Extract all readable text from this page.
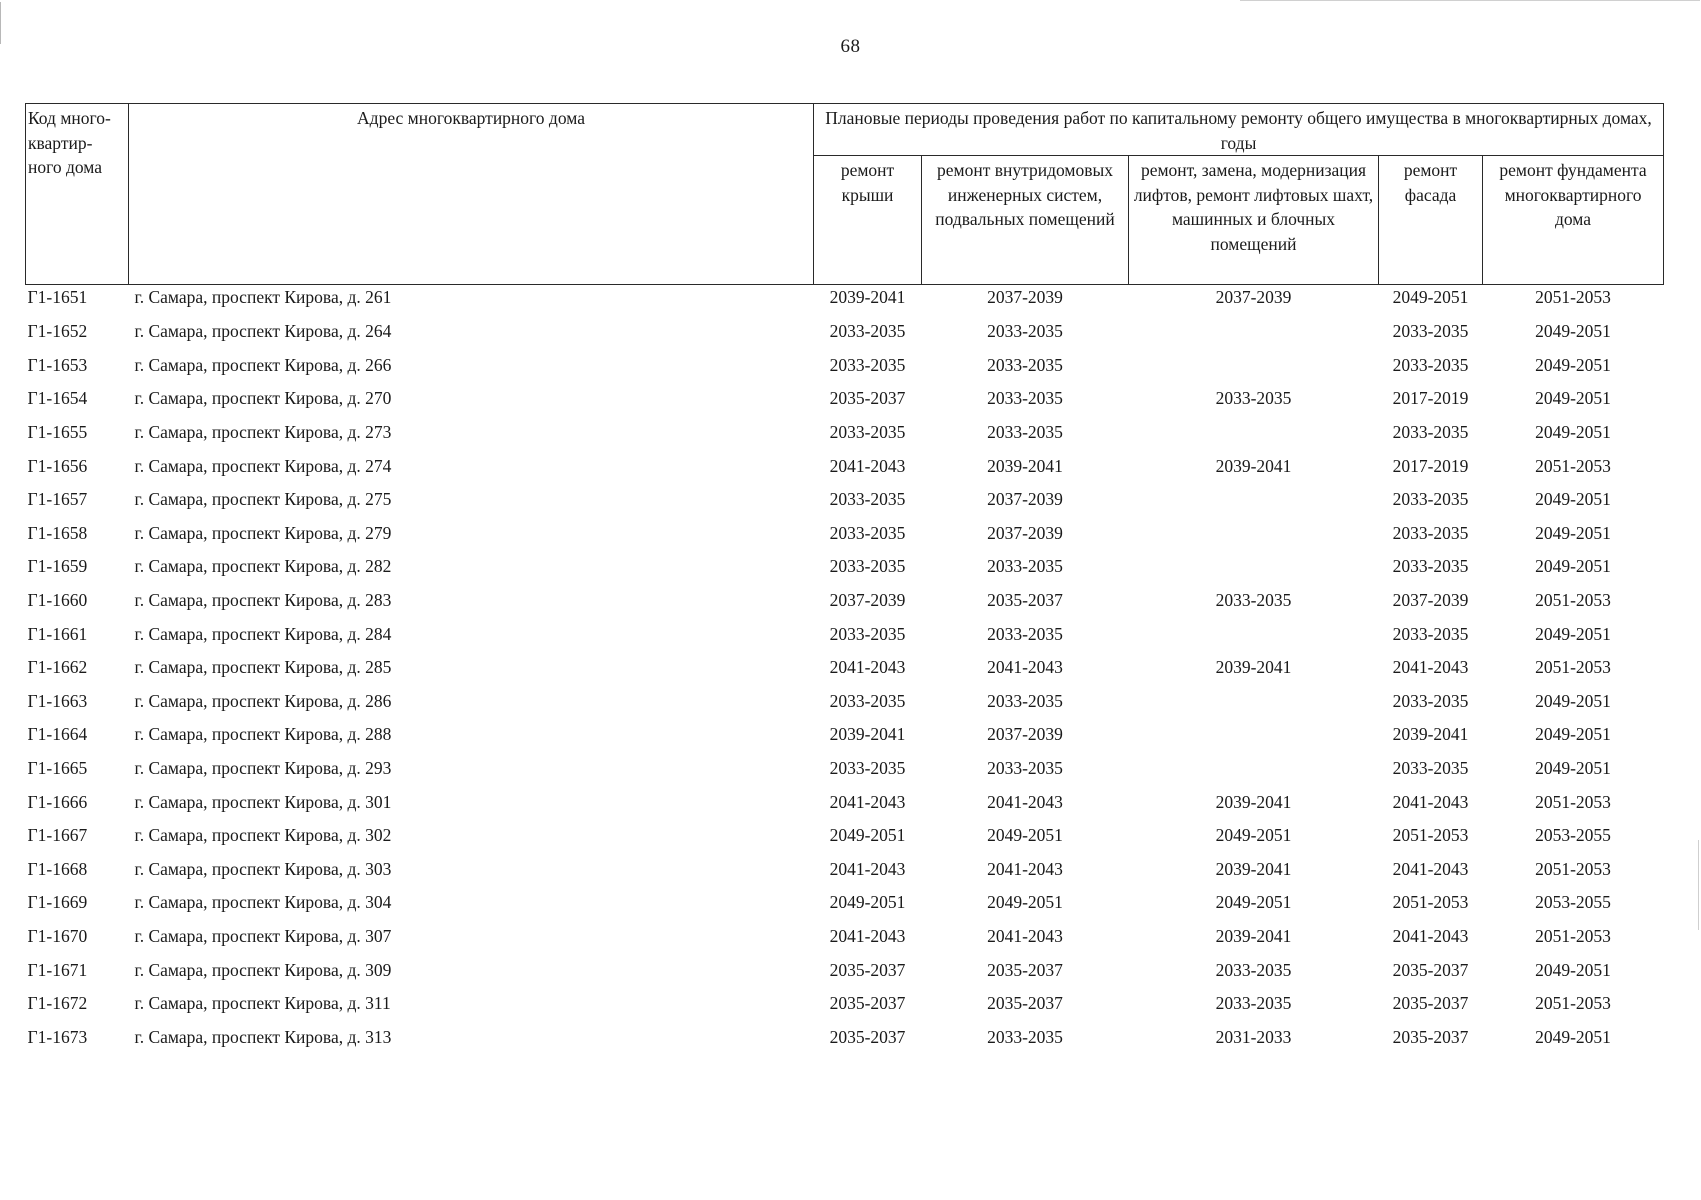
68
Код много-квартир-ного дома	Адрес многоквартирного дома	Плановые периоды проведения работ по капитальному ремонту общего имущества в многоквартирных домах, годы				
		ремонт крыши	ремонт внутридомовых инженерных систем, подвальных помещений	ремонт, замена, модернизация лифтов, ремонт лифтовых шахт, машинных и блочных помещений	ремонт фасада	ремонт фундамента многоквартирного дома
Г1-1651	г. Самара, проспект Кирова, д. 261	2039-2041	2037-2039	2037-2039	2049-2051	2051-2053
Г1-1652	г. Самара, проспект Кирова, д. 264	2033-2035	2033-2035		2033-2035	2049-2051
Г1-1653	г. Самара, проспект Кирова, д. 266	2033-2035	2033-2035		2033-2035	2049-2051
Г1-1654	г. Самара, проспект Кирова, д. 270	2035-2037	2033-2035	2033-2035	2017-2019	2049-2051
Г1-1655	г. Самара, проспект Кирова, д. 273	2033-2035	2033-2035		2033-2035	2049-2051
Г1-1656	г. Самара, проспект Кирова, д. 274	2041-2043	2039-2041	2039-2041	2017-2019	2051-2053
Г1-1657	г. Самара, проспект Кирова, д. 275	2033-2035	2037-2039		2033-2035	2049-2051
Г1-1658	г. Самара, проспект Кирова, д. 279	2033-2035	2037-2039		2033-2035	2049-2051
Г1-1659	г. Самара, проспект Кирова, д. 282	2033-2035	2033-2035		2033-2035	2049-2051
Г1-1660	г. Самара, проспект Кирова, д. 283	2037-2039	2035-2037	2033-2035	2037-2039	2051-2053
Г1-1661	г. Самара, проспект Кирова, д. 284	2033-2035	2033-2035		2033-2035	2049-2051
Г1-1662	г. Самара, проспект Кирова, д. 285	2041-2043	2041-2043	2039-2041	2041-2043	2051-2053
Г1-1663	г. Самара, проспект Кирова, д. 286	2033-2035	2033-2035		2033-2035	2049-2051
Г1-1664	г. Самара, проспект Кирова, д. 288	2039-2041	2037-2039		2039-2041	2049-2051
Г1-1665	г. Самара, проспект Кирова, д. 293	2033-2035	2033-2035		2033-2035	2049-2051
Г1-1666	г. Самара, проспект Кирова, д. 301	2041-2043	2041-2043	2039-2041	2041-2043	2051-2053
Г1-1667	г. Самара, проспект Кирова, д. 302	2049-2051	2049-2051	2049-2051	2051-2053	2053-2055
Г1-1668	г. Самара, проспект Кирова, д. 303	2041-2043	2041-2043	2039-2041	2041-2043	2051-2053
Г1-1669	г. Самара, проспект Кирова, д. 304	2049-2051	2049-2051	2049-2051	2051-2053	2053-2055
Г1-1670	г. Самара, проспект Кирова, д. 307	2041-2043	2041-2043	2039-2041	2041-2043	2051-2053
Г1-1671	г. Самара, проспект Кирова, д. 309	2035-2037	2035-2037	2033-2035	2035-2037	2049-2051
Г1-1672	г. Самара, проспект Кирова, д. 311	2035-2037	2035-2037	2033-2035	2035-2037	2051-2053
Г1-1673	г. Самара, проспект Кирова, д. 313	2035-2037	2033-2035	2031-2033	2035-2037	2049-2051
